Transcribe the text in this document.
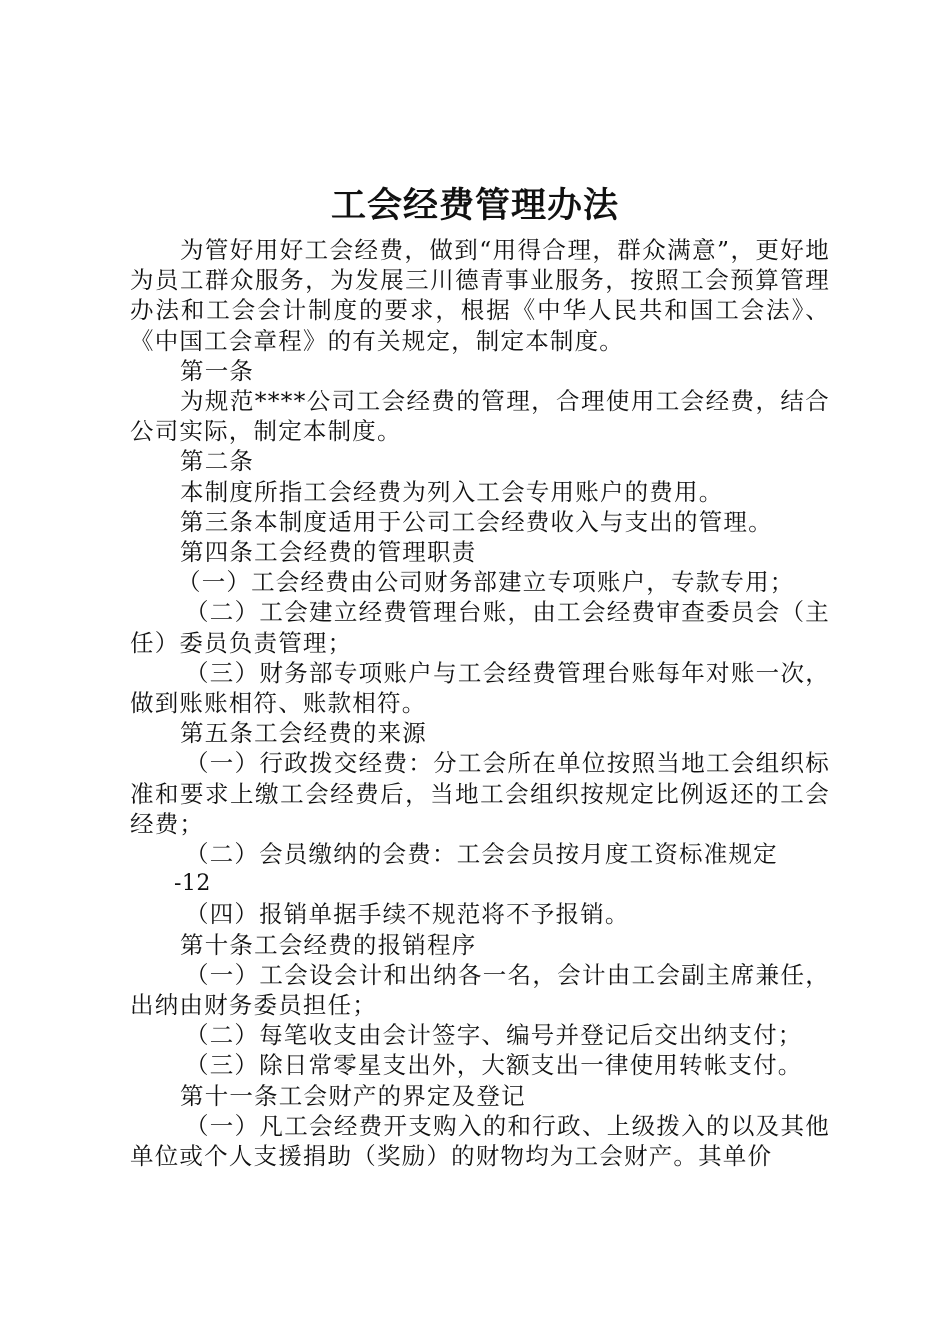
工会经费管理办法

为管好用好工会经费，做到“用得合理，群众满意”，更好地为员工群众服务，为发展三川德青事业服务，按照工会预算管理办法和工会会计制度的要求，根据《中华人民共和国工会法》、《中国工会章程》的有关规定，制定本制度。

第一条

为规范****公司工会经费的管理，合理使用工会经费，结合公司实际，制定本制度。

第二条

本制度所指工会经费为列入工会专用账户的费用。

第三条本制度适用于公司工会经费收入与支出的管理。

第四条工会经费的管理职责

（一）工会经费由公司财务部建立专项账户，专款专用；

（二）工会建立经费管理台账，由工会经费审查委员会（主任）委员负责管理；

（三）财务部专项账户与工会经费管理台账每年对账一次，做到账账相符、账款相符。

第五条工会经费的来源

（一）行政拨交经费：分工会所在单位按照当地工会组织标准和要求上缴工会经费后，当地工会组织按规定比例返还的工会经费；

（二）会员缴纳的会费：工会会员按月度工资标准规定

-12

（四）报销单据手续不规范将不予报销。

第十条工会经费的报销程序

（一）工会设会计和出纳各一名，会计由工会副主席兼任，出纳由财务委员担任；

（二）每笔收支由会计签字、编号并登记后交出纳支付；

（三）除日常零星支出外，大额支出一律使用转帐支付。

第十一条工会财产的界定及登记

（一）凡工会经费开支购入的和行政、上级拨入的以及其他单位或个人支援捐助（奖励）的财物均为工会财产。其单价
